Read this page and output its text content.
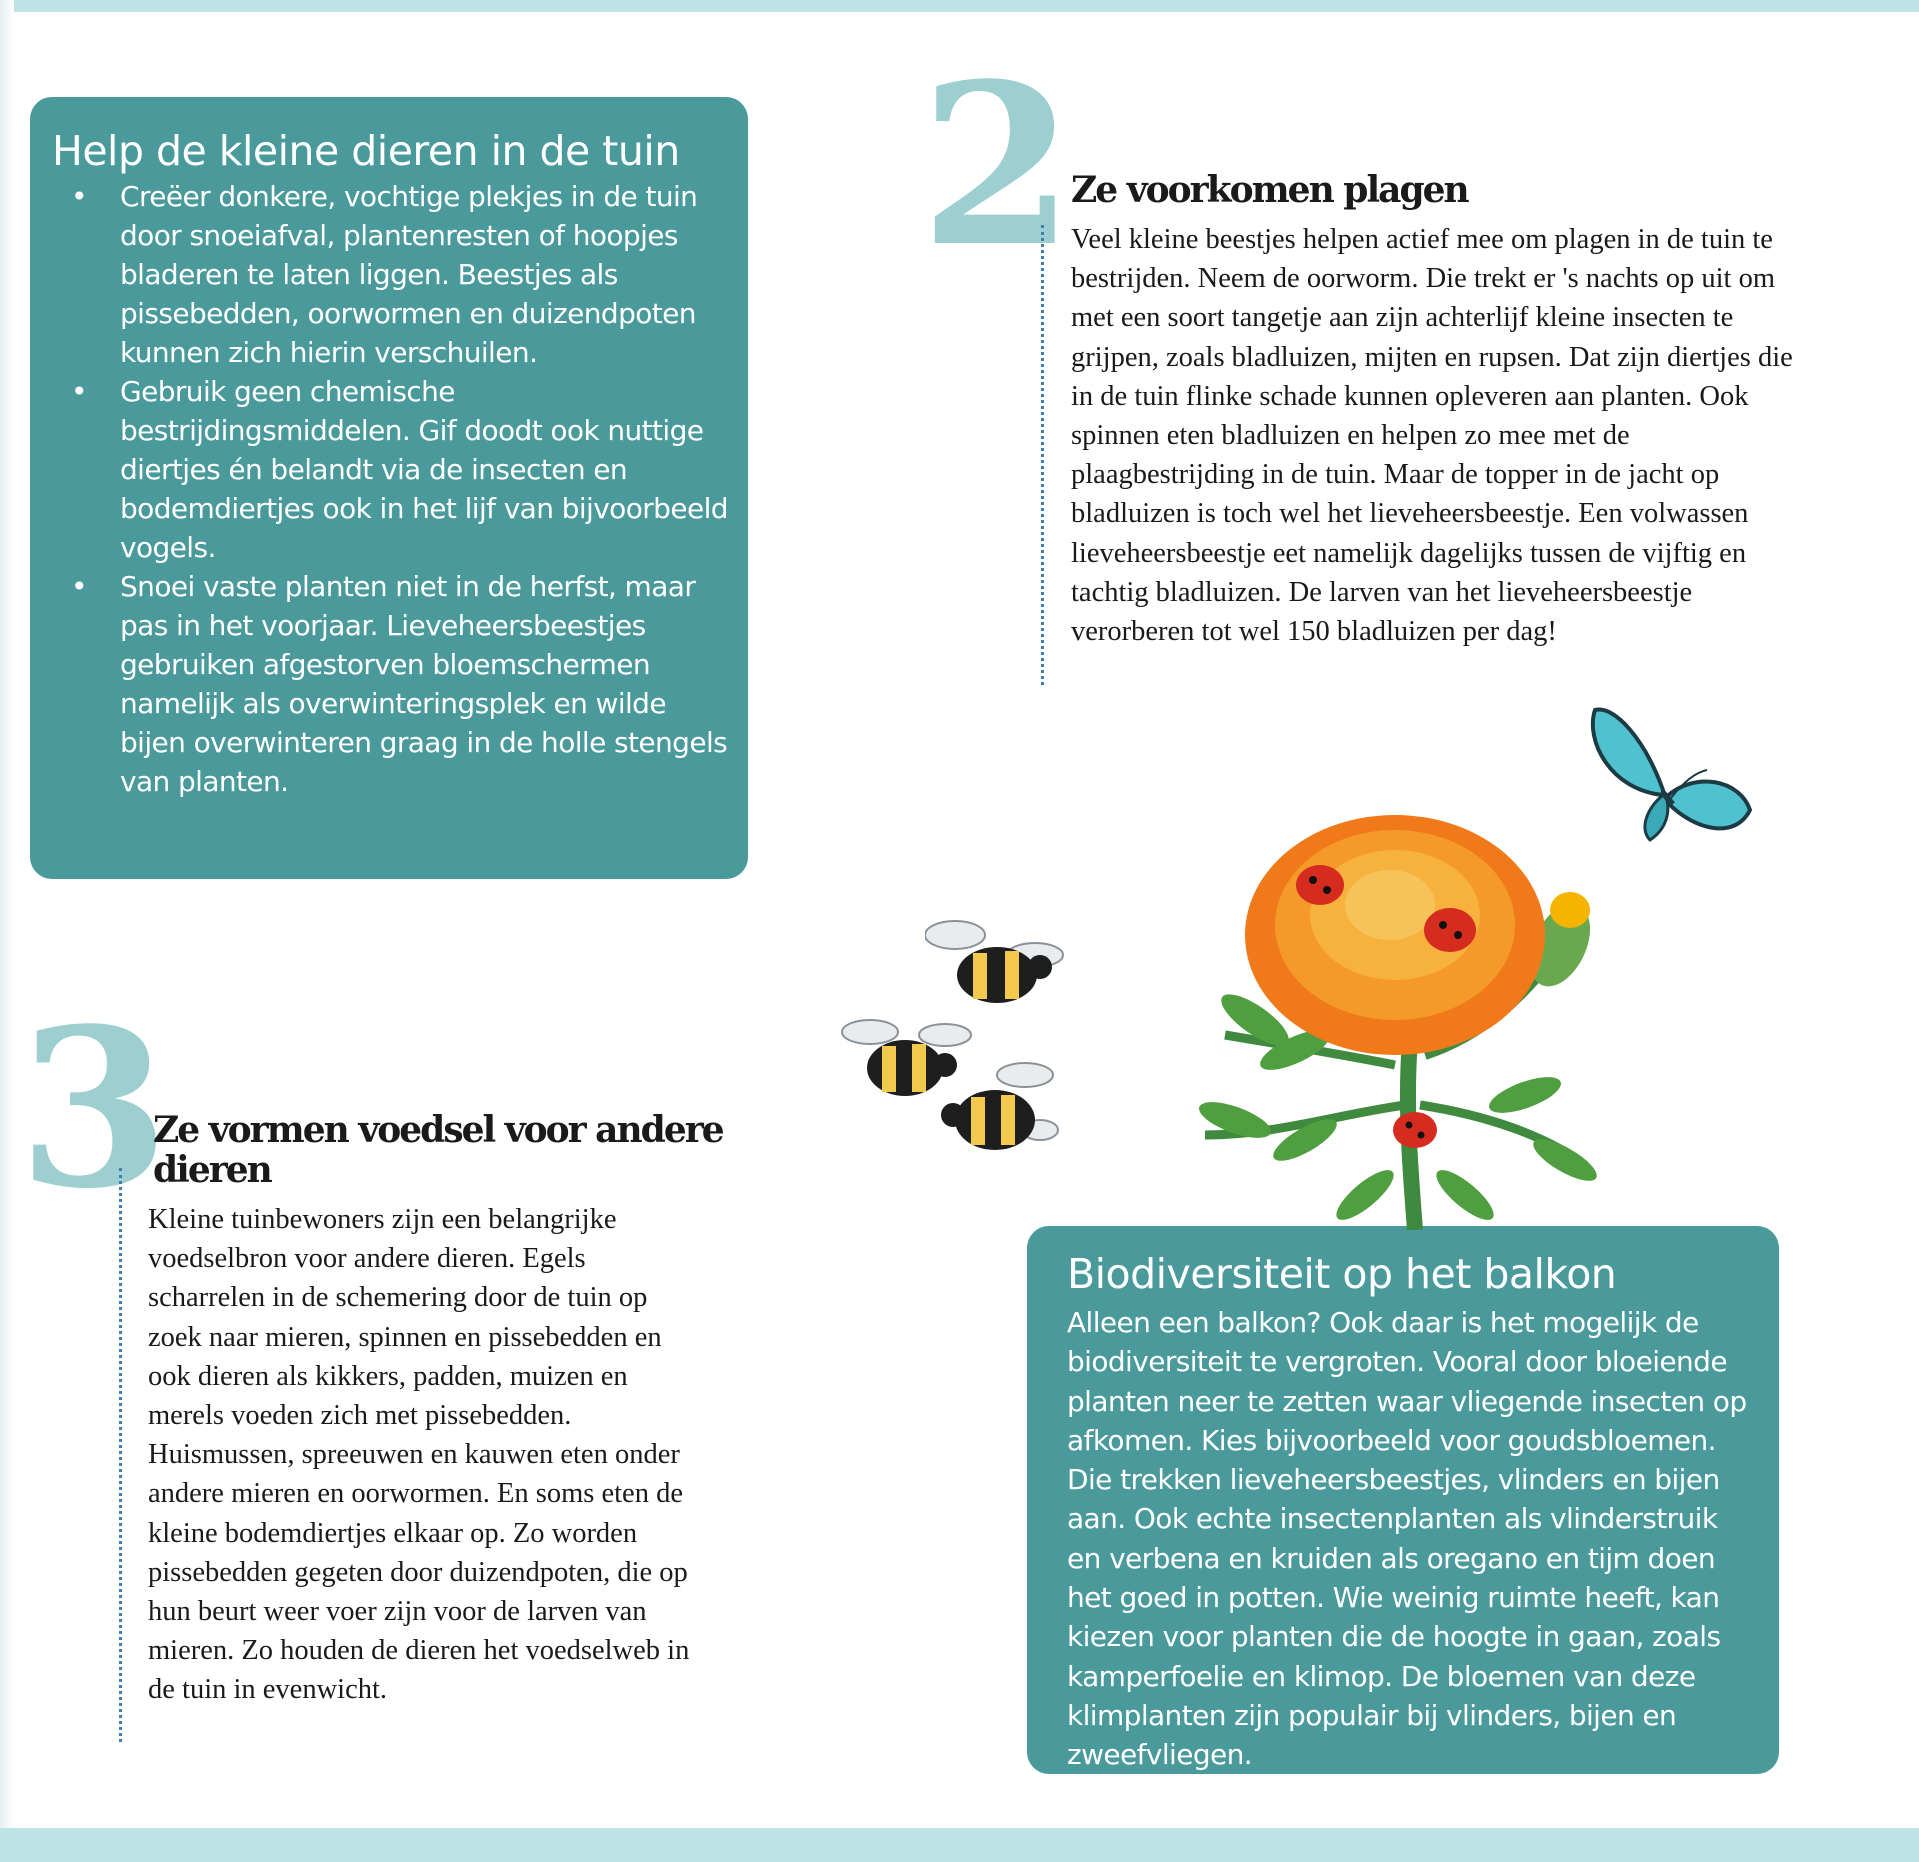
Help de kleine dieren in de tuin
• Creëer donkere, vochtige plekjes in de tuin door snoeiafval, plantenresten of hoopjes bladeren te laten liggen. Beestjes als pissebedden, oorwormen en duizendpoten kunnen zich hierin verschuilen.
• Gebruik geen chemische bestrijdingsmiddelen. Gif doodt ook nuttige diertjes én belandt via de insecten en bodemdiertjes ook in het lijf van bijvoorbeeld vogels.
• Snoei vaste planten niet in de herfst, maar pas in het voorjaar. Lieveheersbeestjes gebruiken afgestorven bloemschermen namelijk als overwinteringsplek en wilde bijen overwinteren graag in de holle stengels van planten.
2
Ze voorkomen plagen

Veel kleine beestjes helpen actief mee om plagen in de tuin te bestrijden. Neem de oorworm. Die trekt er 's nachts op uit om met een soort tangetje aan zijn achterlijf kleine insecten te grijpen, zoals bladluizen, mijten en rupsen. Dat zijn diertjes die in de tuin flinke schade kunnen opleveren aan planten. Ook spinnen eten bladluizen en helpen zo mee met de plaagbestrijding in de tuin. Maar de topper in de jacht op bladluizen is toch wel het lieveheersbeestje. Een volwassen lieveheersbeestje eet namelijk dagelijks tussen de vijftig en tachtig bladluizen. De larven van het lieveheersbeestje verorberen tot wel 150 bladluizen per dag!

3
Ze vormen voedsel voor andere dieren

Kleine tuinbewoners zijn een belangrijke voedselbron voor andere dieren. Egels scharrelen in de schemering door de tuin op zoek naar mieren, spinnen en pissebedden en ook dieren als kikkers, padden, muizen en merels voeden zich met pissebedden. Huismussen, spreeuwen en kauwen eten onder andere mieren en oorwormen. En soms eten de kleine bodemdiertjes elkaar op. Zo worden pissebedden gegeten door duizendpoten, die op hun beurt weer voer zijn voor de larven van mieren. Zo houden de dieren het voedselweb in de tuin in evenwicht.

Biodiversiteit op het balkon

Alleen een balkon? Ook daar is het mogelijk de biodiversiteit te vergroten. Vooral door bloeiende planten neer te zetten waar vliegende insecten op afkomen. Kies bijvoorbeeld voor goudsbloemen. Die trekken lieveheersbeestjes, vlinders en bijen aan. Ook echte insectenplanten als vlinderstruik en verbena en kruiden als oregano en tijm doen het goed in potten. Wie weinig ruimte heeft, kan kiezen voor planten die de hoogte in gaan, zoals kamperfoelie en klimop. De bloemen van deze klimplanten zijn populair bij vlinders, bijen en zweefvliegen.
